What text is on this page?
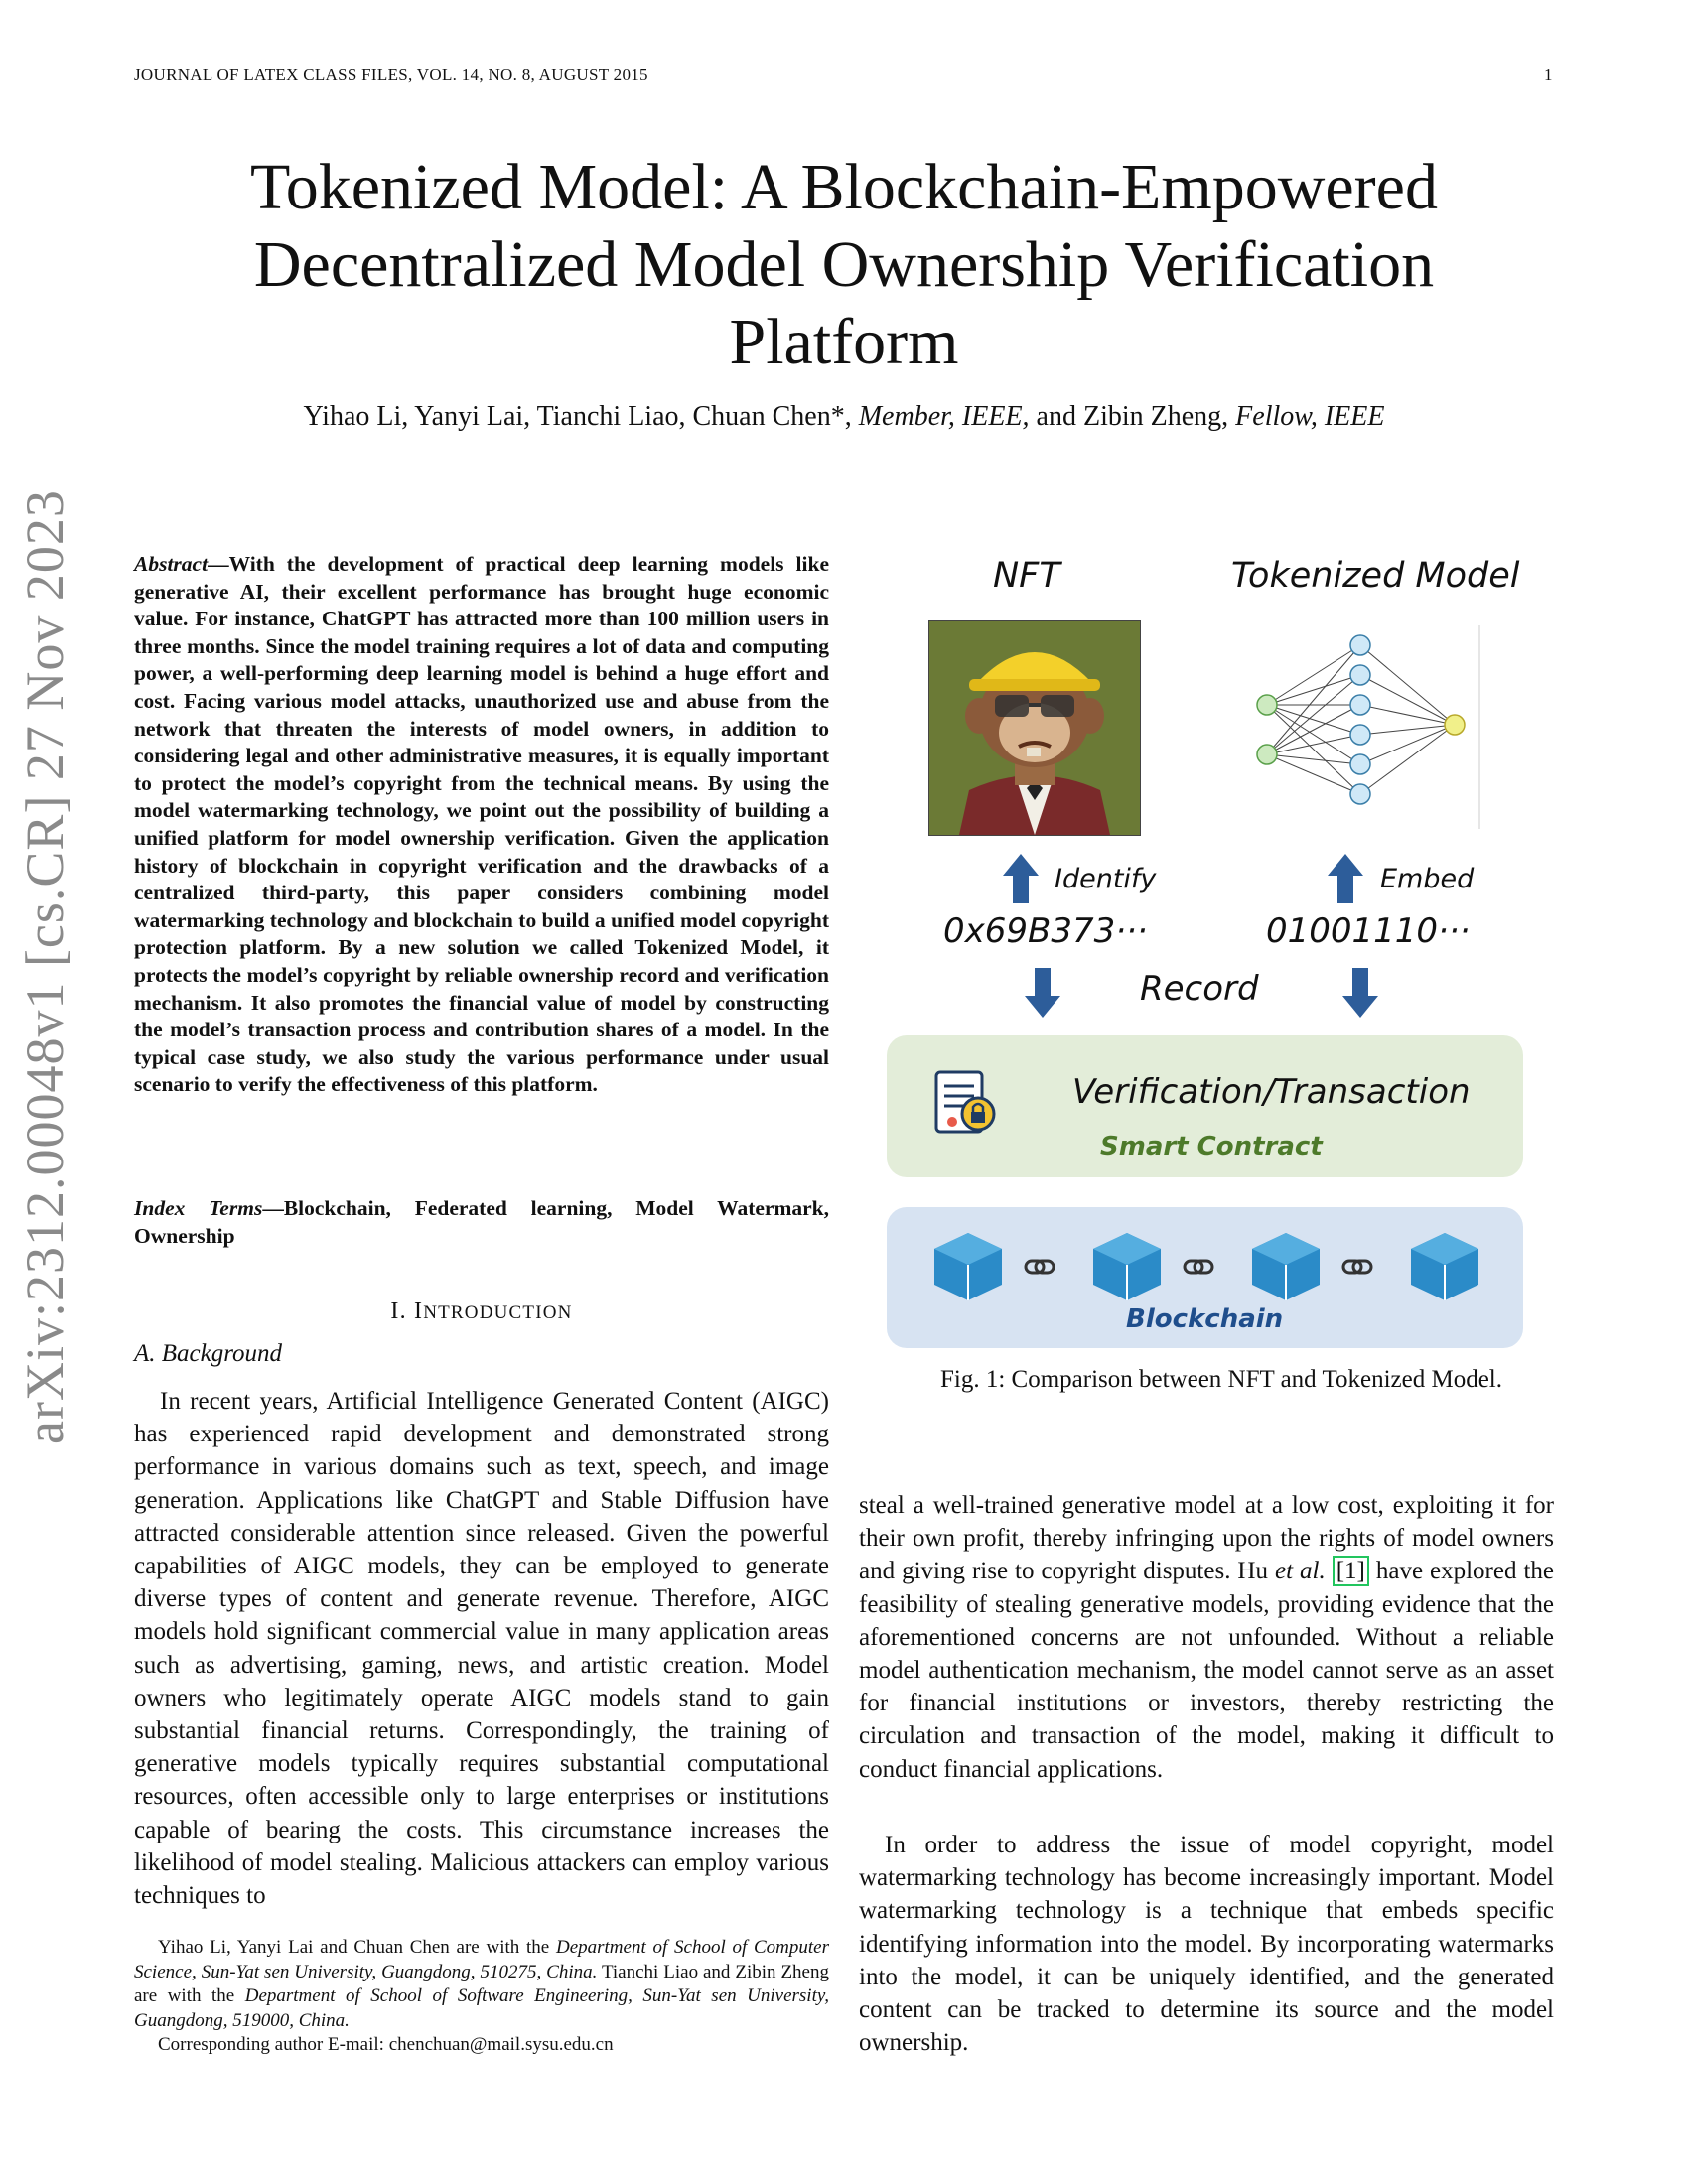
JOURNAL OF LATEX CLASS FILES, VOL. 14, NO. 8, AUGUST 2015	1
Tokenized Model: A Blockchain-Empowered Decentralized Model Ownership Verification Platform
Yihao Li, Yanyi Lai, Tianchi Liao, Chuan Chen*, Member, IEEE, and Zibin Zheng, Fellow, IEEE
arXiv:2312.00048v1 [cs.CR] 27 Nov 2023	Abstract—With the development of practical deep learning models like generative AI, their excellent performance has brought huge economic value. For instance, ChatGPT has attracted more than 100 million users in three months. Since the model training requires a lot of data and computing power, a well-performing deep learning model is behind a huge effort and cost. Facing various model attacks, unauthorized use and abuse from the network that threaten the interests of model owners, in addition to considering legal and other administrative measures, it is equally important to protect the model’s copyright from the technical means. By using the model watermarking technology, we point out the possibility of building a unified platform for model ownership verification. Given the application history of blockchain in copyright verification and the drawbacks of a centralized third-party, this paper considers combining model watermarking technology and blockchain to build a unified model copyright protection platform. By a new solution we called Tokenized Model, it protects the model’s copyright by reliable ownership record and verification mechanism. It also promotes the financial value of model by constructing the model’s transaction process and contribution shares of a model. In the typical case study, we also study the various performance under usual scenario to verify the effectiveness of this platform.

Index Terms—Blockchain, Federated learning, Model Watermark, Ownership

I. INTRODUCTION
A. Background

In recent years, Artificial Intelligence Generated Content (AIGC) has experienced rapid development and demonstrated strong performance in various domains such as text, speech, and image generation. Applications like ChatGPT and Stable Diffusion have attracted considerable attention since released. Given the powerful capabilities of AIGC models, they can be employed to generate diverse types of content and generate revenue. Therefore, AIGC models hold significant commercial value in many application areas such as advertising, gaming, news, and artistic creation. Model owners who legitimately operate AIGC models stand to gain substantial financial returns. Correspondingly, the training of generative models typically requires substantial computational resources, often accessible only to large enterprises or institutions capable of bearing the costs. This circumstance increases the likelihood of model stealing. Malicious attackers can employ various techniques to

Yihao Li, Yanyi Lai and Chuan Chen are with the Department of School of Computer Science, Sun-Yat sen University, Guangdong, 510275, China. Tianchi Liao and Zibin Zheng are with the Department of School of Software Engineering, Sun-Yat sen University, Guangdong, 519000, China.
Corresponding author E-mail: chenchuan@mail.sysu.edu.cn

steal a well-trained generative model at a low cost, exploiting it for their own profit, thereby infringing upon the rights of model owners and giving rise to copyright disputes. Hu et al. [1] have explored the feasibility of stealing generative models, providing evidence that the aforementioned concerns are not unfounded. Without a reliable model authentication mechanism, the model cannot serve as an asset for financial institutions or investors, thereby restricting the circulation and transaction of the model, making it difficult to conduct financial applications.

In order to address the issue of model copyright, model watermarking technology has become increasingly important. Model watermarking technology is a technique that embeds specific identifying information into the model. By incorporating watermarks into the model, it can be uniquely identified, and the generated content can be tracked to determine its source and the model ownership.

NFT	Tokenized Model
Identify	Embed
0x69B373···	01001110···
Record
Verification/Transaction
Smart Contract
Blockchain
Fig. 1: Comparison between NFT and Tokenized Model.
